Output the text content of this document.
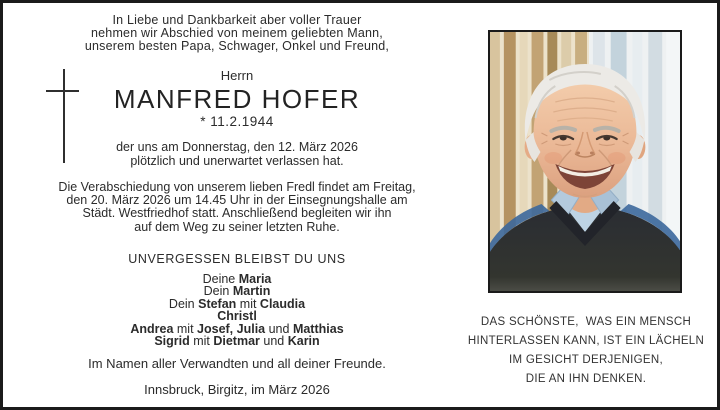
In Liebe und Dankbarkeit aber voller Trauer
nehmen wir Abschied von meinem geliebten Mann,
unserem besten Papa, Schwager, Onkel und Freund,
Herrn
MANFRED HOFER
* 11.2.1944
der uns am Donnerstag, den 12. März 2026
plötzlich und unerwartet verlassen hat.
Die Verabschiedung von unserem lieben Fredl findet am Freitag,
den 20. März 2026 um 14.45 Uhr in der Einsegnungshalle am
Städt. Westfriedhof statt. Anschließend begleiten wir ihn
auf dem Weg zu seiner letzten Ruhe.
UNVERGESSEN BLEIBST DU UNS
Deine Maria
Dein Martin
Dein Stefan mit Claudia
Christl
Andrea mit Josef, Julia und Matthias
Sigrid mit Dietmar und Karin
Im Namen aller Verwandten und all deiner Freunde.
Innsbruck, Birgitz, im März 2026
DAS SCHÖNSTE,  WAS EIN MENSCH
HINTERLASSEN KANN, IST EIN LÄCHELN
IM GESICHT DERJENIGEN,
DIE AN IHN DENKEN.
